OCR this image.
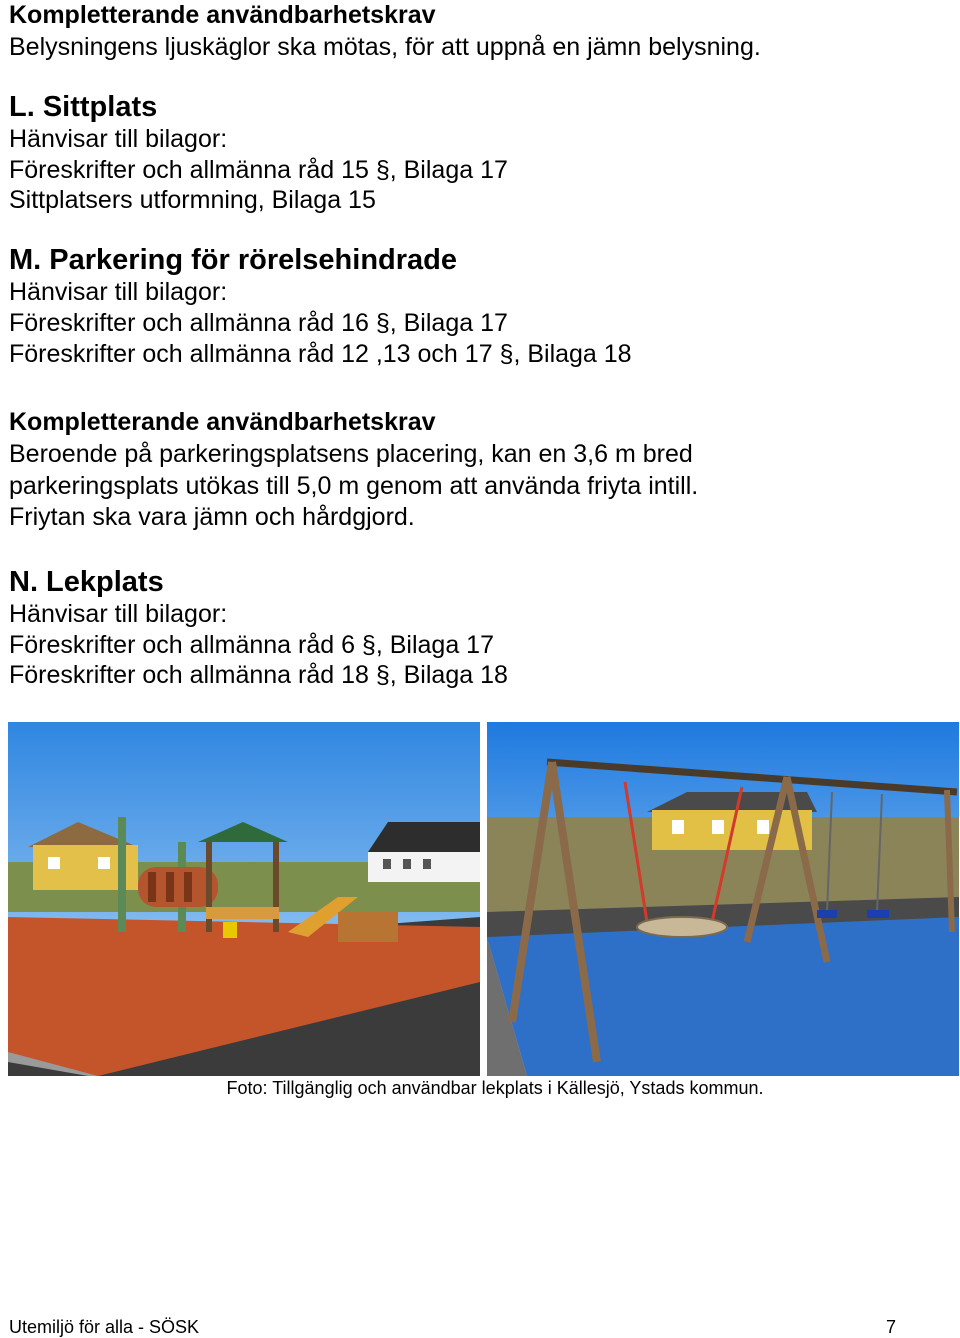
Kompletterande användbarhetskrav
Belysningens ljuskäglor ska mötas, för att uppnå en jämn belysning.
L. Sittplats
Hänvisar till bilagor:
Föreskrifter och allmänna råd 15 §, Bilaga 17
Sittplatsers utformning, Bilaga 15
M. Parkering för rörelsehindrade
Hänvisar till bilagor:
Föreskrifter och allmänna råd 16 §, Bilaga 17
Föreskrifter och allmänna råd 12 ,13 och 17 §, Bilaga 18
Kompletterande användbarhetskrav
Beroende på parkeringsplatsens placering, kan en 3,6 m bred
parkeringsplats utökas till 5,0 m genom att använda friyta intill.
Friytan ska vara jämn och hårdgjord.
N. Lekplats
Hänvisar till bilagor:
Föreskrifter och allmänna råd 6 §, Bilaga 17
Föreskrifter och allmänna råd 18 §, Bilaga 18
Foto: Tillgänglig och användbar lekplats i Källesjö, Ystads kommun.
Utemiljö för alla - SÖSK	7
